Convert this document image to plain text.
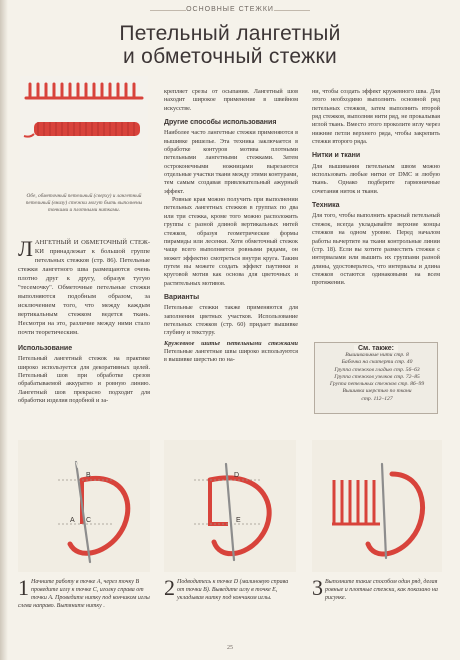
ОСНОВНЫЕ СТЕЖКИ
Петельный лангетный
и обметочный стежки
Обе, обметочный петельный (сверху) и лангетный петельный (внизу) стежки могут быть выполнены тонкими и плотными нитками.

ЛАНГЕТНЫЙ И ОБМЕТОЧНЫЙ СТЕЖ-КИ принадлежат к большой группе петельных стежков (стр. 86). Петельные стежки лангетного шва размещаются очень плотно друг к другу, образуя тугую "тесемочку". Обметочные петельные стежки выполняются подобным образом, за исключением того, что между каждым вертикальным стежком ведется ткань. Несмотря на это, различие между ними стало почти теоретическим.

Использование

Петельный лангетный стежок на практике широко используется для декоративных целей. Петельный шов при обработке срезов обрабатываемой аккуратно и ровную линию. Лангетный шов прекрасно подходит для обработки изделия подобной и за-

крепляет срезы от осыпания. Лангетный шов находит широкое применение в швейном искусстве.

Другие способы использования

Наиболее часто лангетные стежки применяются в вышивке ришелье. Эта техника заключается в обработке контуров мотива плотными петельными лангетными стежками. Затем остроконечными ножницами вырезаются отдельные участки ткани между этими контурами, тем самым создавая привлекательный ажурный эффект.

Ровные края можно получить при выполнении петельных лангетных стежков в группах по два или три стежка, кроме того можно расположить группы с разной длиной вертикальных нитей стежков, образуя геометрические формы пирамиды или лесенки. Хотя обметочный стежок чаще всего выполняется ровными рядами, он может эффектно смотреться внутри круга. Таким путем вы можете создать эффект паутинки и круговой мотив как основа для цветочных и растительных мотивов.

Варианты

Петельные стежки также применяются для заполнения цветных участков. Использование петельных стежков (стр. 60) придает вышивке глубину и текстуру.

Кружевное шитье петельными стежками Петельные лангетные швы широко используются в вышивке шерстью по на-

ни, чтобы создать эффект кружевного шва. Для этого необходимо выполнить основной ряд петельных стежков, затем выполнить второй ряд стежков, выполняя нити ряд, не прокалывая иглой ткань. Вместо этого проколите иглу через нижние петли верхнего ряда, чтобы закрепить стежки второго ряда.

Нитки и ткани

Для вышивания петельным швом можно использовать любые нитки от DMC и любую ткань. Однако подберите гармоничные сочетания ниток и ткани.

Техника

Для того, чтобы выполнить красный петельный стежок, всегда укладывайте верхние концы стежков на одном уровне. Перед началом работы вычертите на ткани контрольные линии (стр. 18). Если вы хотите разместить стежки с интервалами или вышить их группами разной длины, удостоверьтесь, что интервалы и длина стежков остаются одинаковыми на всем протяжении.

См. также:
Вышивальные нити стр. 8
Бабочка на скатерти стр. 40
Группа стежков гладью стр. 56–63
Группа стежков узелков стр. 72–85
Группа петельных стежков стр. 86–99
Вышивка шерстью по ткани
стр. 112–127
B
A C
D
E
1 Начните работу в точке А, через точку В проведите иглу к точке С, иголку справа от точки А. Проведите нитку под кончиком иглы слева направо. Вытяните нитку .
2 Подводитесь к точке D (малиновую справа от точки В). Выведите иглу в точке Е, укладывая нитку под кончиком иглы.	3 Выполните такие способом один ряд, делая ровные и плотные стежки, как показано на рисунке.
25
